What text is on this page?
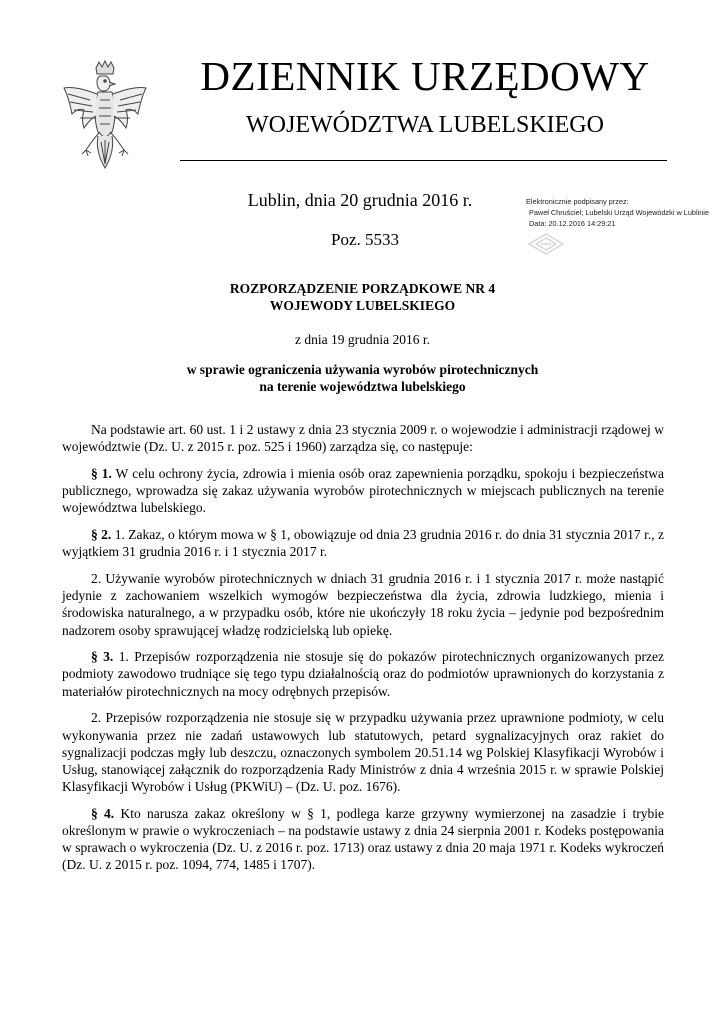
DZIENNIK URZĘDOWY
WOJEWÓDZTWA LUBELSKIEGO
Lublin, dnia 20 grudnia 2016 r.
Poz. 5533
Elektronicznie podpisany przez:
Paweł Chruściel; Lubelski Urząd Wojewódzki w Lublinie
Data: 20.12.2016 14:29:21
ROZPORZĄDZENIE PORZĄDKOWE NR 4
WOJEWODY LUBELSKIEGO
z dnia 19 grudnia 2016 r.
w sprawie ograniczenia używania wyrobów pirotechnicznych
na terenie województwa lubelskiego

Na podstawie art. 60 ust. 1 i 2 ustawy z dnia 23 stycznia 2009 r. o wojewodzie i administracji rządowej w województwie (Dz. U. z 2015 r. poz. 525 i 1960) zarządza się, co następuje:

§ 1. W celu ochrony życia, zdrowia i mienia osób oraz zapewnienia porządku, spokoju i bezpieczeństwa publicznego, wprowadza się zakaz używania wyrobów pirotechnicznych w miejscach publicznych na terenie województwa lubelskiego.

§ 2. 1. Zakaz, o którym mowa w § 1, obowiązuje od dnia 23 grudnia 2016 r. do dnia 31 stycznia 2017 r., z wyjątkiem 31 grudnia 2016 r. i 1 stycznia 2017 r.

2. Używanie wyrobów pirotechnicznych w dniach 31 grudnia 2016 r. i 1 stycznia 2017 r. może nastąpić jedynie z zachowaniem wszelkich wymogów bezpieczeństwa dla życia, zdrowia ludzkiego, mienia i środowiska naturalnego, a w przypadku osób, które nie ukończyły 18 roku życia – jedynie pod bezpośrednim nadzorem osoby sprawującej władzę rodzicielską lub opiekę.

§ 3. 1. Przepisów rozporządzenia nie stosuje się do pokazów pirotechnicznych organizowanych przez podmioty zawodowo trudniące się tego typu działalnością oraz do podmiotów uprawnionych do korzystania z materiałów pirotechnicznych na mocy odrębnych przepisów.

2. Przepisów rozporządzenia nie stosuje się w przypadku używania przez uprawnione podmioty, w celu wykonywania przez nie zadań ustawowych lub statutowych, petard sygnalizacyjnych oraz rakiet do sygnalizacji podczas mgły lub deszczu, oznaczonych symbolem 20.51.14 wg Polskiej Klasyfikacji Wyrobów i Usług, stanowiącej załącznik do rozporządzenia Rady Ministrów z dnia 4 września 2015 r. w sprawie Polskiej Klasyfikacji Wyrobów i Usług (PKWiU) – (Dz. U. poz. 1676).

§ 4. Kto narusza zakaz określony w § 1, podlega karze grzywny wymierzonej na zasadzie i trybie określonym w prawie o wykroczeniach – na podstawie ustawy z dnia 24 sierpnia 2001 r. Kodeks postępowania w sprawach o wykroczenia (Dz. U. z 2016 r. poz. 1713) oraz ustawy z dnia 20 maja 1971 r. Kodeks wykroczeń (Dz. U. z 2015 r. poz. 1094, 774, 1485 i 1707).
